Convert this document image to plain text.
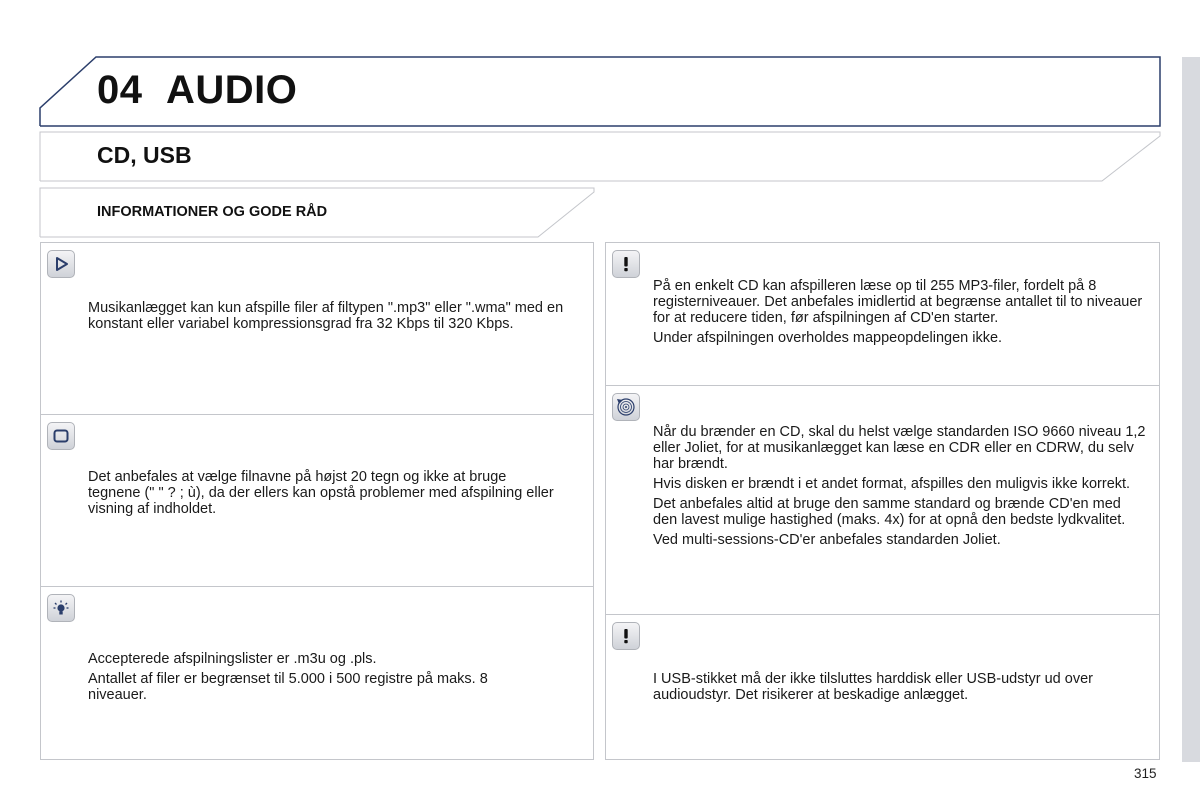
04 AUDIO
CD, USB
INFORMATIONER OG GODE RÅD

Musikanlægget kan kun afspille filer af filtypen ".mp3" eller ".wma" med en konstant eller variabel kompressionsgrad fra 32 Kbps til 320 Kbps.

Det anbefales at vælge filnavne på højst 20 tegn og ikke at bruge tegnene (" " ? ; ù), da der ellers kan opstå problemer med afspilning eller visning af indholdet.

Accepterede afspilningslister er .m3u og .pls.

Antallet af filer er begrænset til 5.000 i 500 registre på maks. 8 niveauer.

På en enkelt CD kan afspilleren læse op til 255 MP3-filer, fordelt på 8 registerniveauer. Det anbefales imidlertid at begrænse antallet til to niveauer for at reducere tiden, før afspilningen af CD'en starter.

Under afspilningen overholdes mappeopdelingen ikke.

Når du brænder en CD, skal du helst vælge standarden ISO 9660 niveau 1,2 eller Joliet, for at musikanlægget kan læse en CDR eller en CDRW, du selv har brændt.

Hvis disken er brændt i et andet format, afspilles den muligvis ikke korrekt.

Det anbefales altid at bruge den samme standard og brænde CD'en med den lavest mulige hastighed (maks. 4x) for at opnå den bedste lydkvalitet.

Ved multi-sessions-CD'er anbefales standarden Joliet.

I USB-stikket må der ikke tilsluttes harddisk eller USB-udstyr ud over audioudstyr. Det risikerer at beskadige anlægget.

315
